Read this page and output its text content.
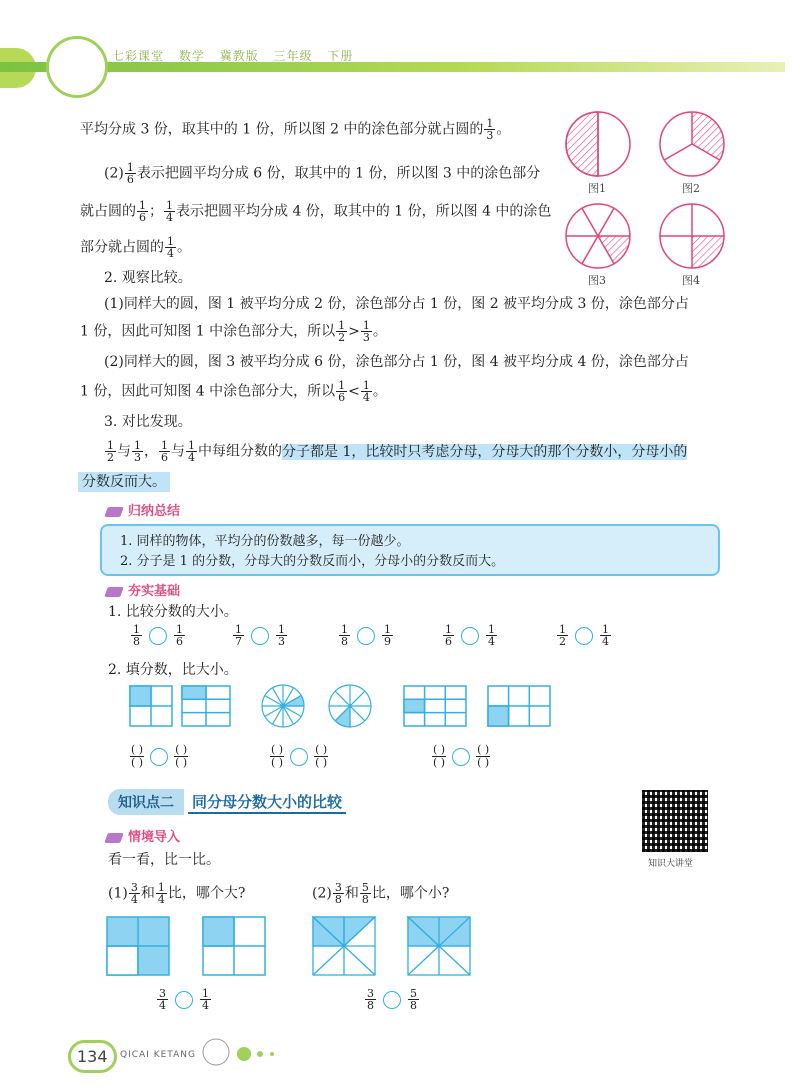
七彩课堂 数学 冀教版 三年级 下册
平均分成 3 份，取其中的 1 份，所以图 2 中的涂色部分就占圆的 $\frac{1}{3}$ 。
$(2) \frac{1}{6}$ 表示把圆平均分成 6 份，取其中的 1 份，所以图 3 中的涂色部分
就占圆的 $\frac{1}{6}$ ； $\frac{1}{4}$ 表示把圆平均分成 4 份，取其中的 1 份，所以图 4 中的涂色
部分就占圆的 $\frac{1}{4}$ 。
图1	图2
图3	图4
2. 观察比较。
(1)同样大的圆，图 1 被平均分成 2 份，涂色部分占 1 份，图 2 被平均分成 3 份，涂色部分占
1 份，因此可知图 1 中涂色部分大，所以 $\frac{1}{2} > \frac{1}{3}$ 。
(2)同样大的圆，图 3 被平均分成 6 份，涂色部分占 1 份，图 4 被平均分成 4 份，涂色部分占
1 份，因此可知图 4 中涂色部分大，所以 $\frac{1}{6} < \frac{1}{4}$ 。
3. 对比发现。
$\frac{1}{2}$ 与 $\frac{1}{3}$ ， $\frac{1}{6}$ 与 $\frac{1}{4}$ 中每组分数的分子都是 1，比较时只考虑分母，分母大的那个分数小，分母小的
分数反而大。
归纳总结
1. 同样的物体，平均分的份数越多，每一份越少。
2. 分子是 1 的分数，分母大的分数反而小，分母小的分数反而大。
夯实基础
1. 比较分数的大小。
$\frac{1}{8}$	$\frac{1}{6}$	$\frac{1}{7}$	$\frac{1}{3}$	$\frac{1}{8}$	$\frac{1}{9}$	$\frac{1}{6}$	$\frac{1}{4}$	$\frac{1}{2}$	$\frac{1}{4}$
2. 填分数，比大小。
$\frac{( )}{( )}$	$\frac{( )}{( )}$	$\frac{( )}{( )}$	$\frac{( )}{( )}$	$\frac{( )}{( )}$	$\frac{( )}{( )}$
知识点二	同分母分数大小的比较
知识大讲堂
情境导入
看一看，比一比。
$(1) \frac{3}{4}$ 和 $\frac{1}{4}$ 比，哪个大?	$(2) \frac{3}{8}$ 和 $\frac{5}{8}$ 比，哪个小?
$\frac{3}{4}$	$\frac{1}{4}$	$\frac{3}{8}$	$\frac{5}{8}$
134	QICAI KETANG
